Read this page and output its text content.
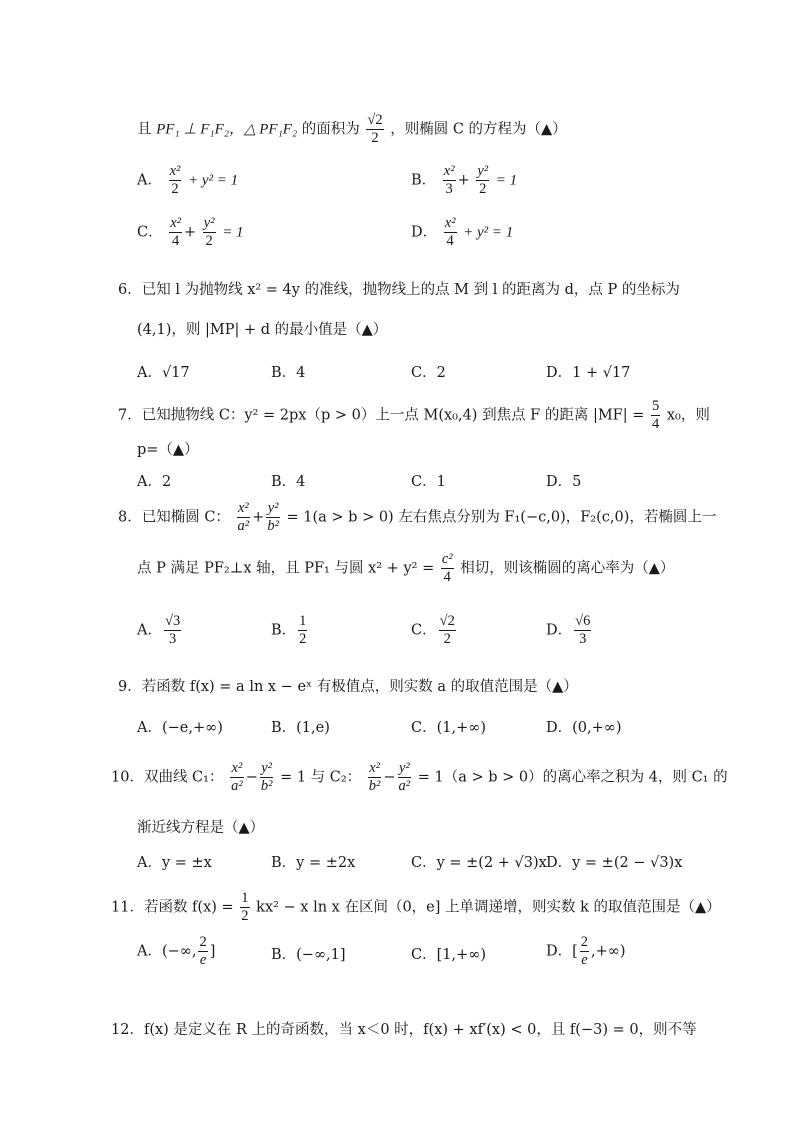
且 PF₁ ⊥ F₁F₂，△ PF₁F₂ 的面积为 $\frac{√2}{2}$ ，则椭圆 C 的方程为（▲）
A． $\frac{\text{x²}}{2} + y^2 = 1$	B． $\frac{\text{x²}}{3} + \frac{\text{y²}}{2} = 1$
C． $\frac{\text{x²}}{4} + \frac{\text{y²}}{2} = 1$	D． $\frac{\text{x²}}{4} + y^2 = 1$
6．已知 l 为抛物线 x² = 4y 的准线，抛物线上的点 M 到 l 的距离为 d，点 P 的坐标为
(4,1)，则 |MP| + d 的最小值是（▲）
A．√17	B．4	C．2	D．1 + √17
7．已知抛物线 C：y² = 2px（p > 0）上一点 M(x₀,4) 到焦点 F 的距离 $|MF| = \frac{5}{4} x_0$，则
p=（▲）
A．2	B．4	C．1	D．5
8．已知椭圆 C： $\frac{\text{x²}}{\text{a²}} + \frac{\text{y²}}{\text{b²}} = 1(a > b > 0)$ 左右焦点分别为 F₁(−c,0)，F₂(c,0)，若椭圆上一
点 P 满足 PF₂⊥x 轴，且 PF₁ 与圆 $x^2 + y^2 = \frac{\text{c²}}{4}$ 相切，则该椭圆的离心率为（▲）
A． $\frac{√3}{3}$	B． $\frac{1}{2}$	C． $\frac{√2}{2}$	D． $\frac{√6}{3}$
9．若函数 f(x) = a ln x − eˣ 有极值点，则实数 a 的取值范围是（▲）
A．(−e,+∞)	B．(1,e)	C．(1,+∞)	D．(0,+∞)
10．双曲线 C₁： $\frac{\text{x²}}{\text{a²}} - \frac{\text{y²}}{\text{b²}} = 1$ 与 C₂： $\frac{\text{x²}}{\text{b²}} - \frac{\text{y²}}{\text{a²}} = 1(a > b > 0)$的离心率之积为 4，则 C₁ 的
渐近线方程是（▲）
A．y = ±x	B．y = ±2x	C．y = ±(2 + √3)x D．y = ±(2 − √3)x
11．若函数 $f(x) = \frac{1}{2} kx^2 - x$ ln x 在区间（0，e] 上单调递增，则实数 k 的取值范围是（▲）
A．(−∞, $\frac{2}{e}$ ]	B．(−∞,1]	C．[1,+∞)	D．[ $\frac{2}{e}$ ,+∞)
12．f(x) 是定义在 R 上的奇函数，当 x＜0 时，f(x) + xf′(x) < 0，且 f(−3) = 0，则不等
